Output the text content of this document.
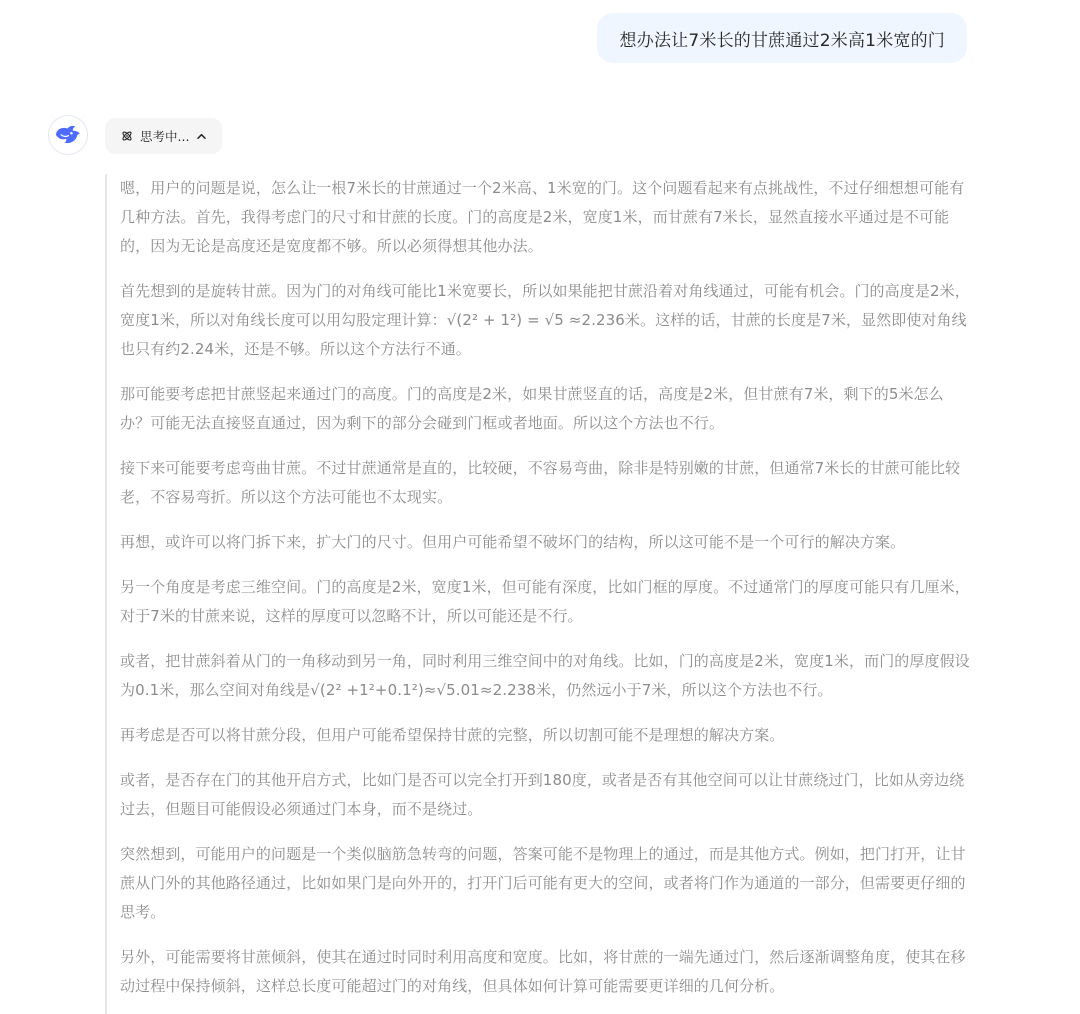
想办法让7米长的甘蔗通过2米高1米宽的门
思考中...

嗯，用户的问题是说，怎么让一根7米长的甘蔗通过一个2米高、1米宽的门。这个问题看起来有点挑战性，不过仔细想想可能有几种方法。首先，我得考虑门的尺寸和甘蔗的长度。门的高度是2米，宽度1米，而甘蔗有7米长，显然直接水平通过是不可能的，因为无论是高度还是宽度都不够。所以必须得想其他办法。

首先想到的是旋转甘蔗。因为门的对角线可能比1米宽要长，所以如果能把甘蔗沿着对角线通过，可能有机会。门的高度是2米，宽度1米，所以对角线长度可以用勾股定理计算：√(2² + 1²) = √5 ≈2.236米。这样的话，甘蔗的长度是7米，显然即使对角线也只有约2.24米，还是不够。所以这个方法行不通。

那可能要考虑把甘蔗竖起来通过门的高度。门的高度是2米，如果甘蔗竖直的话，高度是2米，但甘蔗有7米，剩下的5米怎么办？可能无法直接竖直通过，因为剩下的部分会碰到门框或者地面。所以这个方法也不行。

接下来可能要考虑弯曲甘蔗。不过甘蔗通常是直的，比较硬，不容易弯曲，除非是特别嫩的甘蔗，但通常7米长的甘蔗可能比较老，不容易弯折。所以这个方法可能也不太现实。

再想，或许可以将门拆下来，扩大门的尺寸。但用户可能希望不破坏门的结构，所以这可能不是一个可行的解决方案。

另一个角度是考虑三维空间。门的高度是2米，宽度1米，但可能有深度，比如门框的厚度。不过通常门的厚度可能只有几厘米，对于7米的甘蔗来说，这样的厚度可以忽略不计，所以可能还是不行。

或者，把甘蔗斜着从门的一角移动到另一角，同时利用三维空间中的对角线。比如，门的高度是2米，宽度1米，而门的厚度假设为0.1米，那么空间对角线是√(2² +1²+0.1²)≈√5.01≈2.238米，仍然远小于7米，所以这个方法也不行。

再考虑是否可以将甘蔗分段，但用户可能希望保持甘蔗的完整，所以切割可能不是理想的解决方案。

或者，是否存在门的其他开启方式，比如门是否可以完全打开到180度，或者是否有其他空间可以让甘蔗绕过门，比如从旁边绕过去，但题目可能假设必须通过门本身，而不是绕过。

突然想到，可能用户的问题是一个类似脑筋急转弯的问题，答案可能不是物理上的通过，而是其他方式。例如，把门打开，让甘蔗从门外的其他路径通过，比如如果门是向外开的，打开门后可能有更大的空间，或者将门作为通道的一部分，但需要更仔细的思考。

另外，可能需要将甘蔗倾斜，使其在通过时同时利用高度和宽度。比如，将甘蔗的一端先通过门，然后逐渐调整角度，使其在移动过程中保持倾斜，这样总长度可能超过门的对角线，但具体如何计算可能需要更详细的几何分析。
